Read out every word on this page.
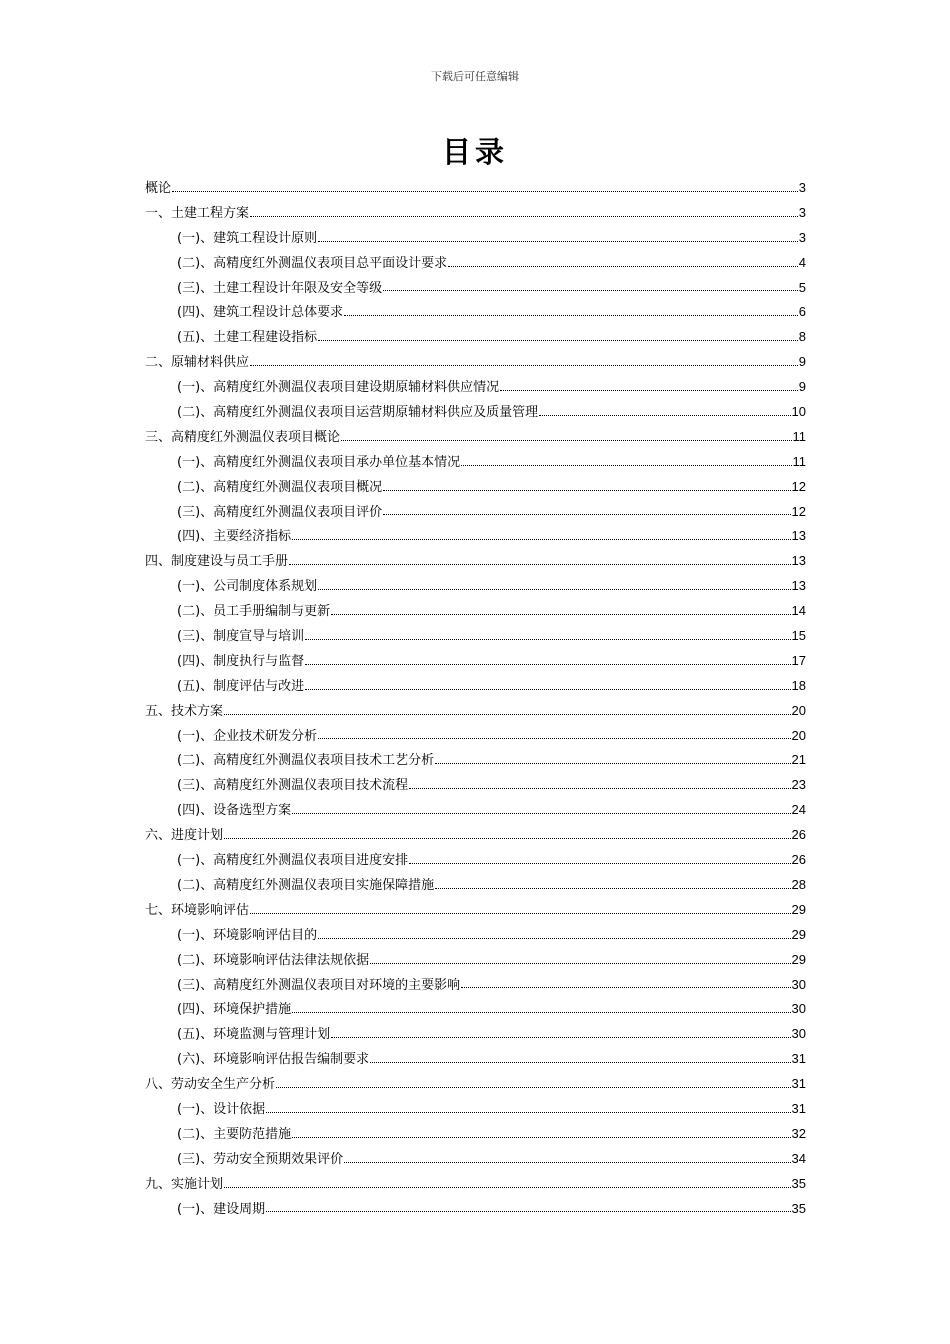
下载后可任意编辑
目录
概论	3
一、土建工程方案	3
(一)、建筑工程设计原则	3
(二)、高精度红外测温仪表项目总平面设计要求	4
(三)、土建工程设计年限及安全等级	5
(四)、建筑工程设计总体要求	6
(五)、土建工程建设指标	8
二、原辅材料供应	9
(一)、高精度红外测温仪表项目建设期原辅材料供应情况	9
(二)、高精度红外测温仪表项目运营期原辅材料供应及质量管理	10
三、高精度红外测温仪表项目概论	11
(一)、高精度红外测温仪表项目承办单位基本情况	11
(二)、高精度红外测温仪表项目概况	12
(三)、高精度红外测温仪表项目评价	12
(四)、主要经济指标	13
四、制度建设与员工手册	13
(一)、公司制度体系规划	13
(二)、员工手册编制与更新	14
(三)、制度宣导与培训	15
(四)、制度执行与监督	17
(五)、制度评估与改进	18
五、技术方案	20
(一)、企业技术研发分析	20
(二)、高精度红外测温仪表项目技术工艺分析	21
(三)、高精度红外测温仪表项目技术流程	23
(四)、设备选型方案	24
六、进度计划	26
(一)、高精度红外测温仪表项目进度安排	26
(二)、高精度红外测温仪表项目实施保障措施	28
七、环境影响评估	29
(一)、环境影响评估目的	29
(二)、环境影响评估法律法规依据	29
(三)、高精度红外测温仪表项目对环境的主要影响	30
(四)、环境保护措施	30
(五)、环境监测与管理计划	30
(六)、环境影响评估报告编制要求	31
八、劳动安全生产分析	31
(一)、设计依据	31
(二)、主要防范措施	32
(三)、劳动安全预期效果评价	34
九、实施计划	35
(一)、建设周期	35
